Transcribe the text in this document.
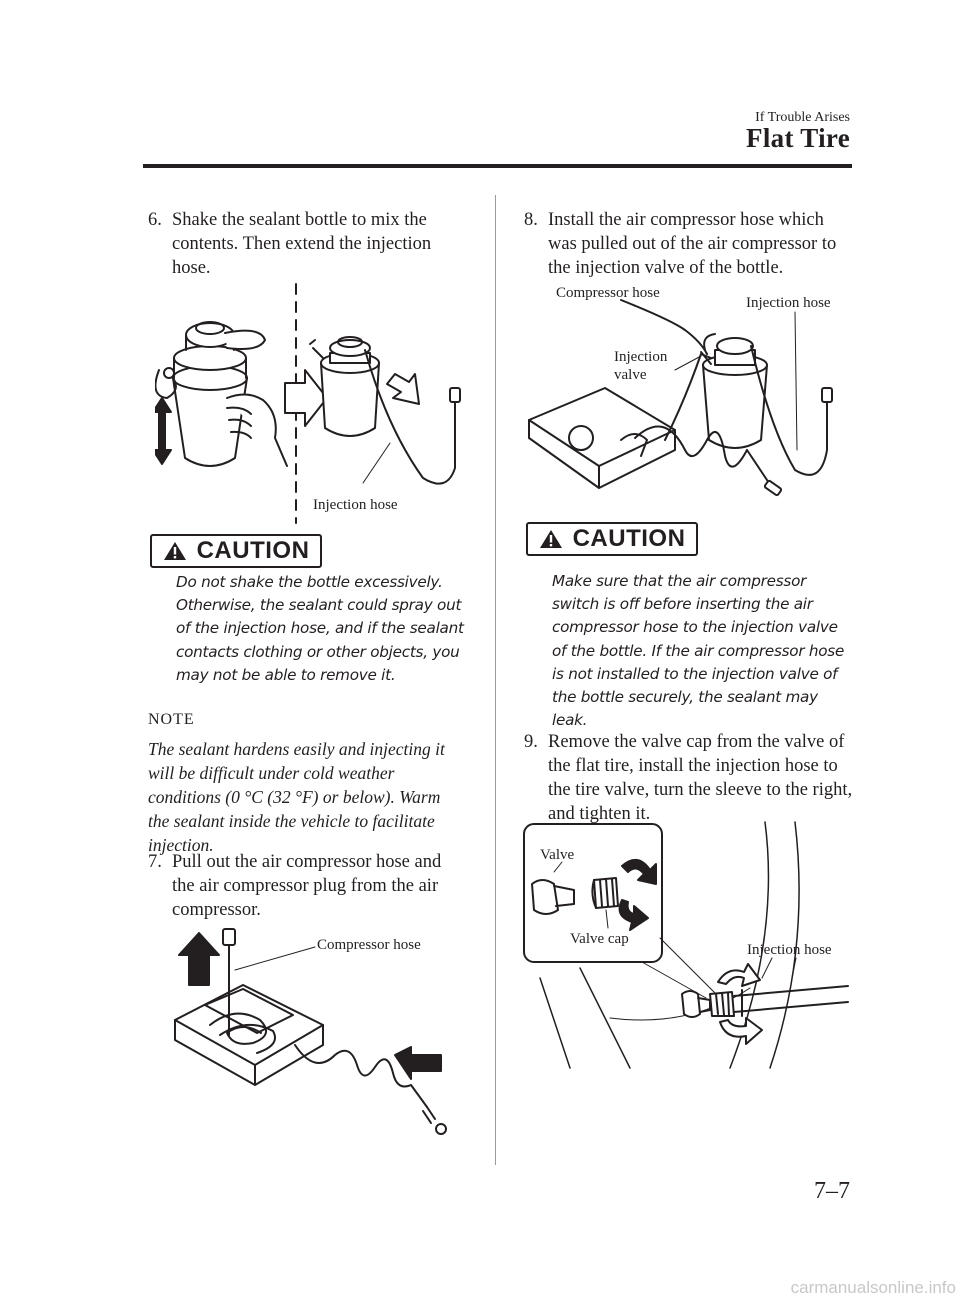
If Trouble Arises
Flat Tire
6. Shake the sealant bottle to mix the contents. Then extend the injection hose.
Injection hose
CAUTION
Do not shake the bottle excessively. Otherwise, the sealant could spray out of the injection hose, and if the sealant contacts clothing or other objects, you may not be able to remove it.
NOTE
The sealant hardens easily and injecting it will be difficult under cold weather conditions (0 °C (32 °F) or below). Warm the sealant inside the vehicle to facilitate injection.
7. Pull out the air compressor hose and the air compressor plug from the air compressor.
Compressor hose
8. Install the air compressor hose which was pulled out of the air compressor to the injection valve of the bottle.
Compressor hose
Injection hose
Injection
valve
CAUTION
Make sure that the air compressor switch is off before inserting the air compressor hose to the injection valve of the bottle. If the air compressor hose is not installed to the injection valve of the bottle securely, the sealant may leak.
9. Remove the valve cap from the valve of the flat tire, install the injection hose to the tire valve, turn the sleeve to the right, and tighten it.
Valve
Valve cap
Injection hose
7–7
carmanualsonline.info
